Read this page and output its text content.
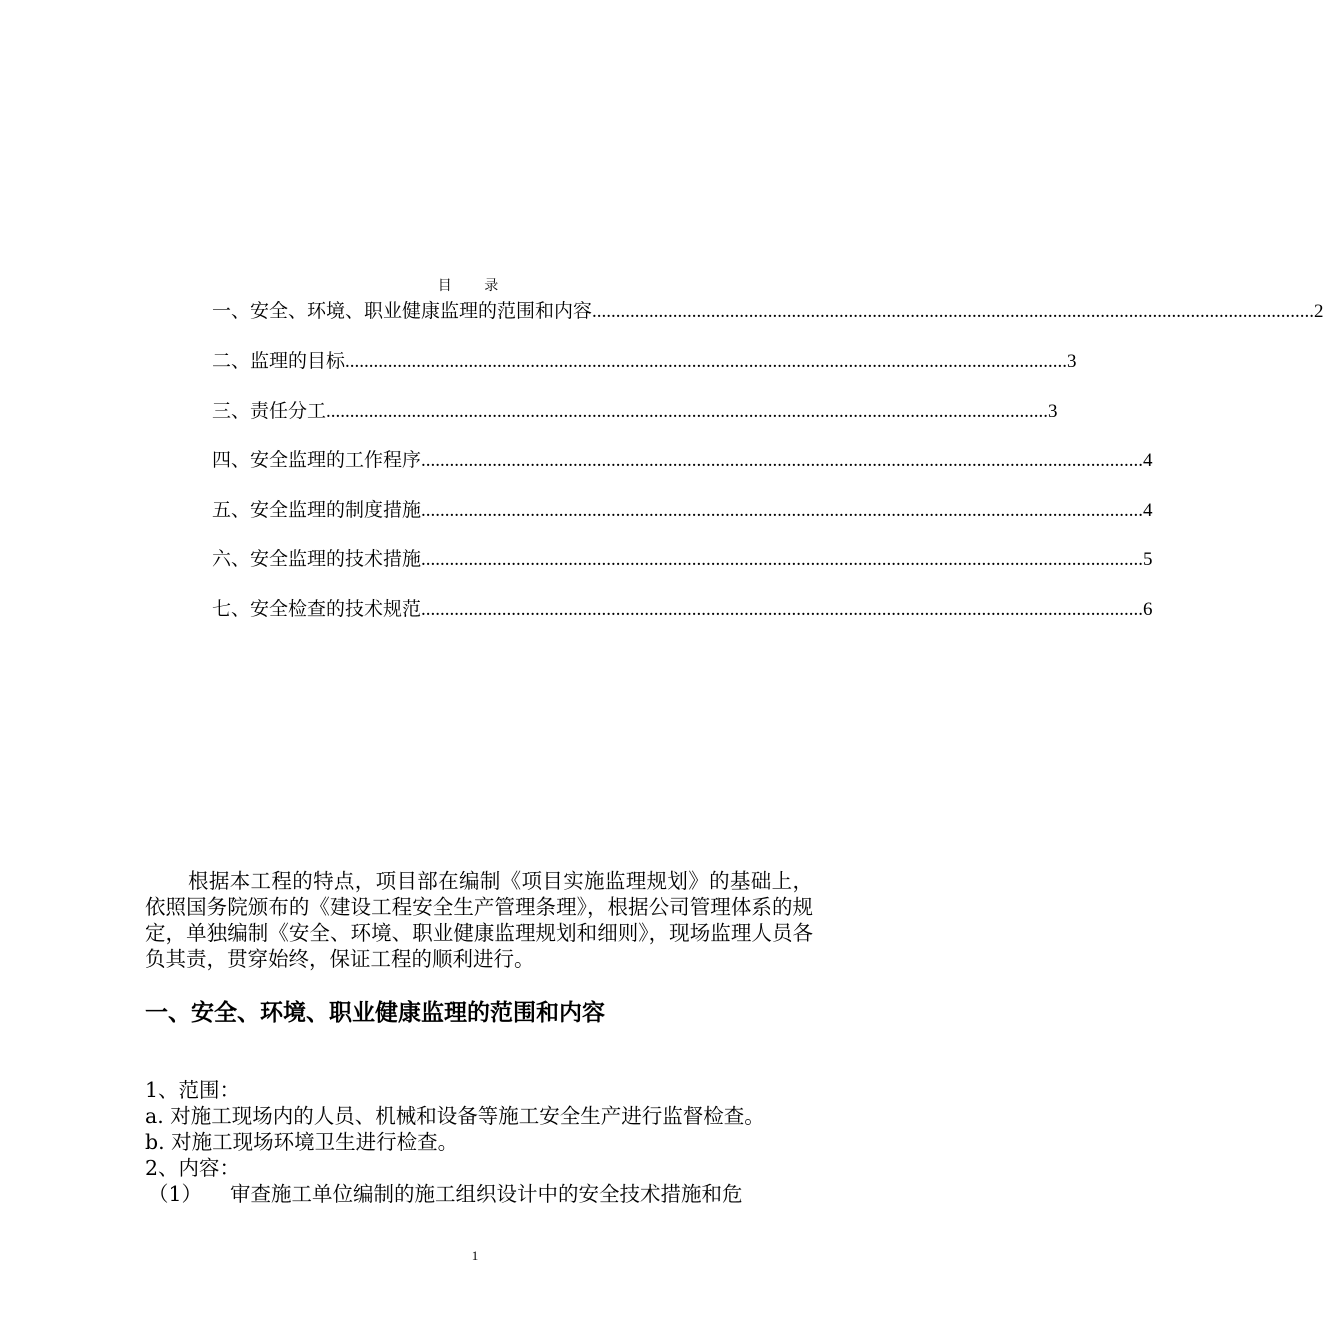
目 录
一、安全、环境、职业健康监理的范围和内容 ........................................................................................................................................................ 2
二、监理的目标 ........................................................................................................................................................ 3
三、责任分工 ........................................................................................................................................................ 3
四、安全监理的工作程序 ........................................................................................................................................................ 4
五、安全监理的制度措施 ........................................................................................................................................................ 4
六、安全监理的技术措施 ........................................................................................................................................................ 5
七、安全检查的技术规范 ........................................................................................................................................................ 6

根据本工程的特点，项目部在编制《项目实施监理规划》的基础上，依照国务院颁布的《建设工程安全生产管理条理》，根据公司管理体系的规定，单独编制《安全、环境、职业健康监理规划和细则》，现场监理人员各负其责，贯穿始终，保证工程的顺利进行。

一、安全、环境、职业健康监理的范围和内容

1、范围：

a. 对施工现场内的人员、机械和设备等施工安全生产进行监督检查。

b. 对施工现场环境卫生进行检查。

2、内容：

（1） 审查施工单位编制的施工组织设计中的安全技术措施和危

1
